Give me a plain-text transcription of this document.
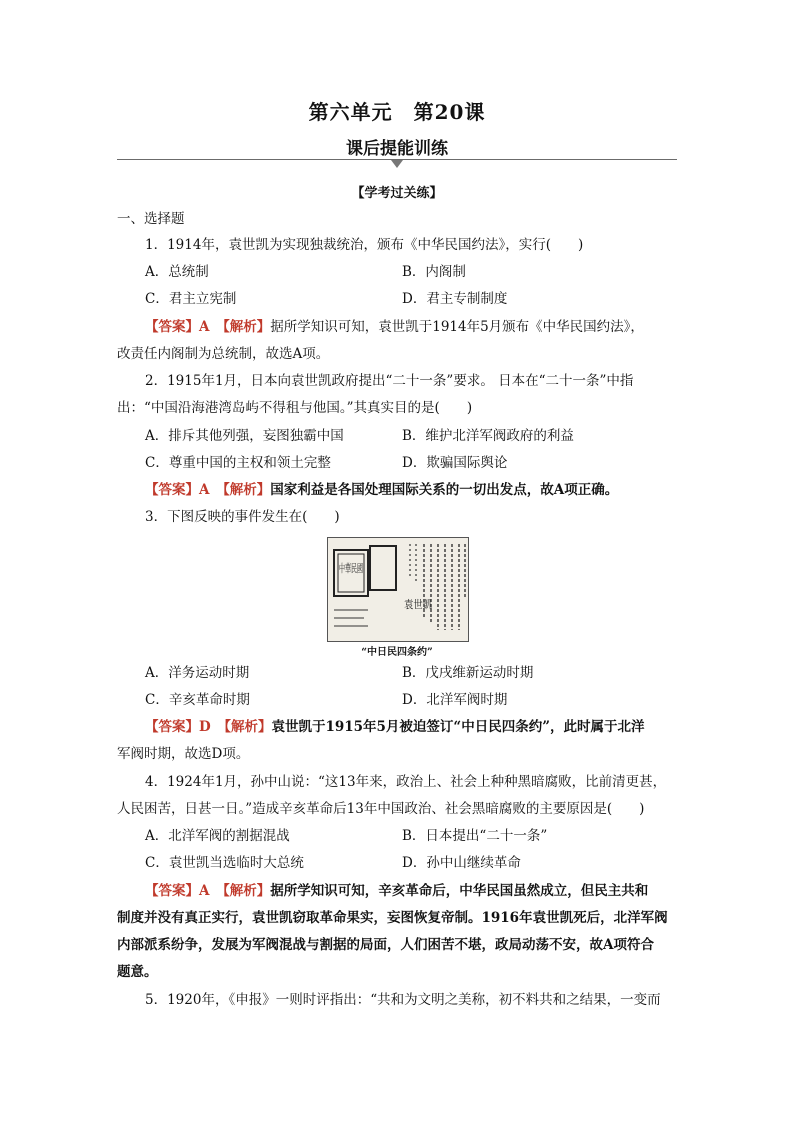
第六单元　第20课
课后提能训练
【学考过关练】
一、选择题
1．1914年，袁世凯为实现独裁统治，颁布《中华民国约法》，实行(　　)
A．总统制	B．内阁制
C．君主立宪制	D．君主专制制度
【答案】A　【解析】据所学知识可知，袁世凯于1914年5月颁布《中华民国约法》，
改责任内阁制为总统制，故选A项。
2．1915年1月，日本向袁世凯政府提出“二十一条”要求。 日本在“二十一条”中指
出：“中国沿海港湾岛屿不得租与他国。”其真实目的是(　　)
A．排斥其他列强，妄图独霸中国	B．维护北洋军阀政府的利益
C．尊重中国的主权和领土完整	D．欺骗国际舆论
【答案】A　【解析】国家利益是各国处理国际关系的一切出发点，故A项正确。
3．下图反映的事件发生在(　　)
中華民國
袁世凱
“中日民四条约”
A．洋务运动时期	B．戊戌维新运动时期
C．辛亥革命时期	D．北洋军阀时期
【答案】D　【解析】袁世凯于1915年5月被迫签订“中日民四条约”，此时属于北洋
军阀时期，故选D项。
4．1924年1月，孙中山说：“这13年来，政治上、社会上种种黑暗腐败，比前清更甚，
人民困苦，日甚一日。”造成辛亥革命后13年中国政治、社会黑暗腐败的主要原因是(　　)
A．北洋军阀的割据混战	B．日本提出“二十一条”
C．袁世凯当选临时大总统	D．孙中山继续革命
【答案】A　【解析】据所学知识可知，辛亥革命后，中华民国虽然成立，但民主共和
制度并没有真正实行，袁世凯窃取革命果实，妄图恢复帝制。1916年袁世凯死后，北洋军阀
内部派系纷争，发展为军阀混战与割据的局面，人们困苦不堪，政局动荡不安，故A项符合
题意。
5．1920年，《申报》一则时评指出：“共和为文明之美称，初不料共和之结果，一变而
